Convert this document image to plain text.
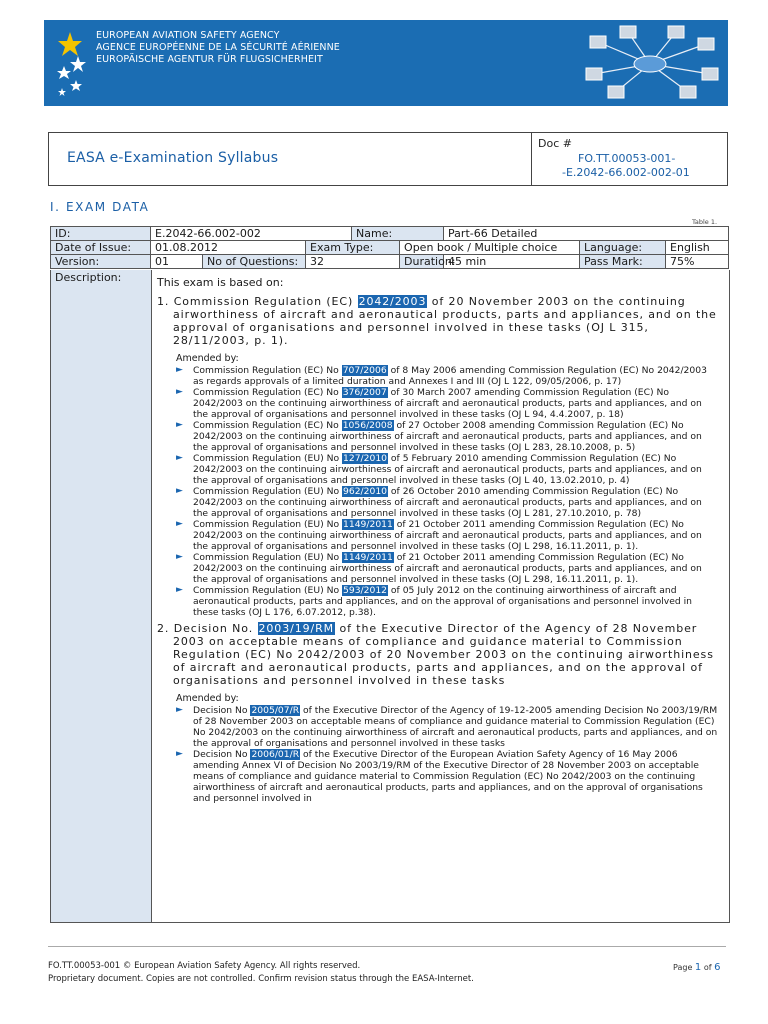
EUROPEAN AVIATION SAFETY AGENCY
AGENCE EUROPÉENNE DE LA SÉCURITÉ AÉRIENNE
EUROPÄISCHE AGENTUR FÜR FLUGSICHERHEIT
EASA e-Examination Syllabus
Doc #
FO.TT.00053-001-
-E.2042-66.002-002-01
I. EXAM DATA
Table 1.
ID:	E.2042-66.002-002			Name:		Part-66 Detailed		
Date of Issue:	01.08.2012		Exam Type:		Open book / Multiple choice		Language:	English
Version:	01	No of Questions:	32		Duration:	45 min	Pass Mark:	75%
Description:	This exam is based on:

1. Commission Regulation (EC) 2042/2003 of 20 November 2003 on the continuing airworthiness of aircraft and aeronautical products, parts and appliances, and on the approval of organisations and personnel involved in these tasks (OJ L 315, 28/11/2003, p. 1).

Amended by:
► Commission Regulation (EC) No 707/2006 of 8 May 2006 amending Commission Regulation (EC) No 2042/2003 as regards approvals of a limited duration and Annexes I and III (OJ L 122, 09/05/2006, p. 17)
► Commission Regulation (EC) No 376/2007 of 30 March 2007 amending Commission Regulation (EC) No 2042/2003 on the continuing airworthiness of aircraft and aeronautical products, parts and appliances, and on the approval of organisations and personnel involved in these tasks (OJ L 94, 4.4.2007, p. 18)
► Commission Regulation (EC) No 1056/2008 of 27 October 2008 amending Commission Regulation (EC) No 2042/2003 on the continuing airworthiness of aircraft and aeronautical products, parts and appliances, and on the approval of organisations and personnel involved in these tasks (OJ L 283, 28.10.2008, p. 5)
► Commission Regulation (EU) No 127/2010 of 5 February 2010 amending Commission Regulation (EC) No 2042/2003 on the continuing airworthiness of aircraft and aeronautical products, parts and appliances, and on the approval of organisations and personnel involved in these tasks (OJ L 40, 13.02.2010, p. 4)
► Commission Regulation (EU) No 962/2010 of 26 October 2010 amending Commission Regulation (EC) No 2042/2003 on the continuing airworthiness of aircraft and aeronautical products, parts and appliances, and on the approval of organisations and personnel involved in these tasks (OJ L 281, 27.10.2010, p. 78)
► Commission Regulation (EU) No 1149/2011 of 21 October 2011 amending Commission Regulation (EC) No 2042/2003 on the continuing airworthiness of aircraft and aeronautical products, parts and appliances, and on the approval of organisations and personnel involved in these tasks (OJ L 298, 16.11.2011, p. 1).
► Commission Regulation (EU) No 1149/2011 of 21 October 2011 amending Commission Regulation (EC) No 2042/2003 on the continuing airworthiness of aircraft and aeronautical products, parts and appliances, and on the approval of organisations and personnel involved in these tasks (OJ L 298, 16.11.2011, p. 1).
► Commission Regulation (EU) No 593/2012 of 05 July 2012 on the continuing airworthiness of aircraft and aeronautical products, parts and appliances, and on the approval of organisations and personnel involved in these tasks (OJ L 176, 6.07.2012, p.38).

2. Decision No. 2003/19/RM of the Executive Director of the Agency of 28 November 2003 on acceptable means of compliance and guidance material to Commission Regulation (EC) No 2042/2003 of 20 November 2003 on the continuing airworthiness of aircraft and aeronautical products, parts and appliances, and on the approval of organisations and personnel involved in these tasks

Amended by:
► Decision No 2005/07/R of the Executive Director of the Agency of 19-12-2005 amending Decision No 2003/19/RM of 28 November 2003 on acceptable means of compliance and guidance material to Commission Regulation (EC) No 2042/2003 on the continuing airworthiness of aircraft and aeronautical products, parts and appliances, and on the approval of organisations and personnel involved in these tasks
► Decision No 2006/01/R of the Executive Director of the European Aviation Safety Agency of 16 May 2006 amending Annex VI of Decision No 2003/19/RM of the Executive Director of 28 November 2003 on acceptable means of compliance and guidance material to Commission Regulation (EC) No 2042/2003 on the continuing airworthiness of aircraft and aeronautical products, parts and appliances, and on the approval of organisations and personnel involved in
FO.TT.00053-001 © European Aviation Safety Agency. All rights reserved.
Proprietary document. Copies are not controlled. Confirm revision status through the EASA-Internet.
Page 1 of 6
